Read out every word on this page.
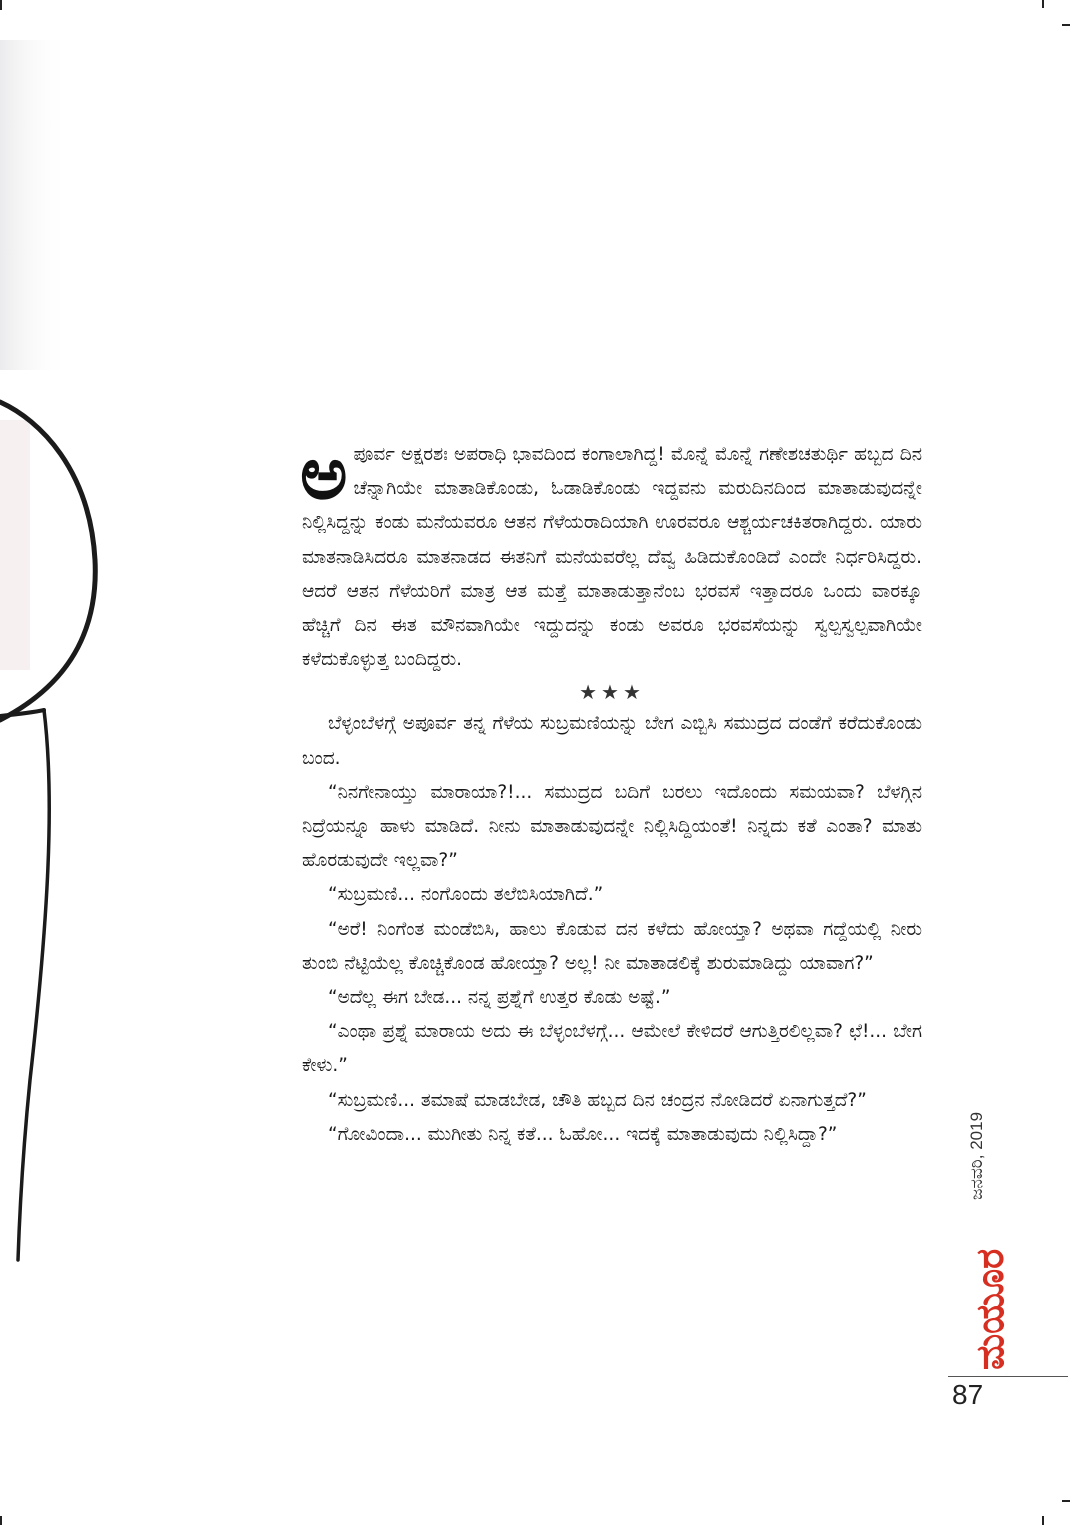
ಅ ಪೂರ್ವ ಅಕ್ಷರಶಃ ಅಪರಾಧಿ ಭಾವದಿಂದ ಕಂಗಾಲಾಗಿದ್ದ! ಮೊನ್ನೆ ಮೊನ್ನೆ ಗಣೇಶಚತುರ್ಥಿ ಹಬ್ಬದ ದಿನ ಚೆನ್ನಾಗಿಯೇ ಮಾತಾಡಿಕೊಂಡು, ಓಡಾಡಿಕೊಂಡು ಇದ್ದವನು ಮರುದಿನದಿಂದ ಮಾತಾಡುವುದನ್ನೇ ನಿಲ್ಲಿಸಿದ್ದನ್ನು ಕಂಡು ಮನೆಯವರೂ ಆತನ ಗೆಳೆಯರಾದಿಯಾಗಿ ಊರವರೂ ಆಶ್ಚರ್ಯಚಕಿತರಾಗಿದ್ದರು. ಯಾರು ಮಾತನಾಡಿಸಿದರೂ ಮಾತನಾಡದ ಈತನಿಗೆ ಮನೆಯವರೆಲ್ಲ ದೆವ್ವ ಹಿಡಿದುಕೊಂಡಿದೆ ಎಂದೇ ನಿರ್ಧರಿಸಿದ್ದರು. ಆದರೆ ಆತನ ಗೆಳೆಯರಿಗೆ ಮಾತ್ರ ಆತ ಮತ್ತೆ ಮಾತಾಡುತ್ತಾನೆಂಬ ಭರವಸೆ ಇತ್ತಾದರೂ ಒಂದು ವಾರಕ್ಕೂ ಹೆಚ್ಚಿಗೆ ದಿನ ಈತ ಮೌನವಾಗಿಯೇ ಇದ್ದುದನ್ನು ಕಂಡು ಅವರೂ ಭರವಸೆಯನ್ನು ಸ್ವಲ್ಪಸ್ವಲ್ಪವಾಗಿಯೇ ಕಳೆದುಕೊಳ್ಳುತ್ತ ಬಂದಿದ್ದರು.

★★★

ಬೆಳ್ಳಂಬೆಳಗ್ಗೆ ಅಪೂರ್ವ ತನ್ನ ಗೆಳೆಯ ಸುಬ್ರಮಣಿಯನ್ನು ಬೇಗ ಎಬ್ಬಿಸಿ ಸಮುದ್ರದ ದಂಡೆಗೆ ಕರೆದುಕೊಂಡು ಬಂದ.

“ನಿನಗೇನಾಯ್ತು ಮಾರಾಯಾ?!... ಸಮುದ್ರದ ಬದಿಗೆ ಬರಲು ಇದೊಂದು ಸಮಯವಾ? ಬೆಳಗ್ಗಿನ ನಿದ್ರೆಯನ್ನೂ ಹಾಳು ಮಾಡಿದೆ. ನೀನು ಮಾತಾಡುವುದನ್ನೇ ನಿಲ್ಲಿಸಿದ್ದಿಯಂತೆ! ನಿನ್ನದು ಕತೆ ಎಂತಾ? ಮಾತು ಹೊರಡುವುದೇ ಇಲ್ಲವಾ?”

“ಸುಬ್ರಮಣಿ... ನಂಗೊಂದು ತಲೆಬಿಸಿಯಾಗಿದೆ.”

“ಅರೆ! ನಿಂಗೆಂತ ಮಂಡೆಬಿಸಿ, ಹಾಲು ಕೊಡುವ ದನ ಕಳೆದು ಹೋಯ್ತಾ? ಅಥವಾ ಗದ್ದೆಯಲ್ಲಿ ನೀರು ತುಂಬಿ ನೆಟ್ಟಿಯೆಲ್ಲ ಕೊಚ್ಚಿಕೊಂಡ ಹೋಯ್ತಾ? ಅಲ್ಲ! ನೀ ಮಾತಾಡಲಿಕ್ಕೆ ಶುರುಮಾಡಿದ್ದು ಯಾವಾಗ?”

“ಅದೆಲ್ಲ ಈಗ ಬೇಡ... ನನ್ನ ಪ್ರಶ್ನೆಗೆ ಉತ್ತರ ಕೊಡು ಅಷ್ಟೆ.”

“ಎಂಥಾ ಪ್ರಶ್ನೆ ಮಾರಾಯ ಅದು ಈ ಬೆಳ್ಳಂಬೆಳಗ್ಗೆ... ಆಮೇಲೆ ಕೇಳಿದರೆ ಆಗುತ್ತಿರಲಿಲ್ಲವಾ? ಛೆ!... ಬೇಗ ಕೇಳು.”

“ಸುಬ್ರಮಣಿ... ತಮಾಷೆ ಮಾಡಬೇಡ, ಚೌತಿ ಹಬ್ಬದ ದಿನ ಚಂದ್ರನ ನೋಡಿದರೆ ಏನಾಗುತ್ತದೆ?”

“ಗೋವಿಂದಾ... ಮುಗೀತು ನಿನ್ನ ಕತೆ... ಓಹೋ... ಇದಕ್ಕೆ ಮಾತಾಡುವುದು ನಿಲ್ಲಿಸಿದ್ದಾ?”	ಜನವರಿ, 2019
ಮಯೂರ
87
